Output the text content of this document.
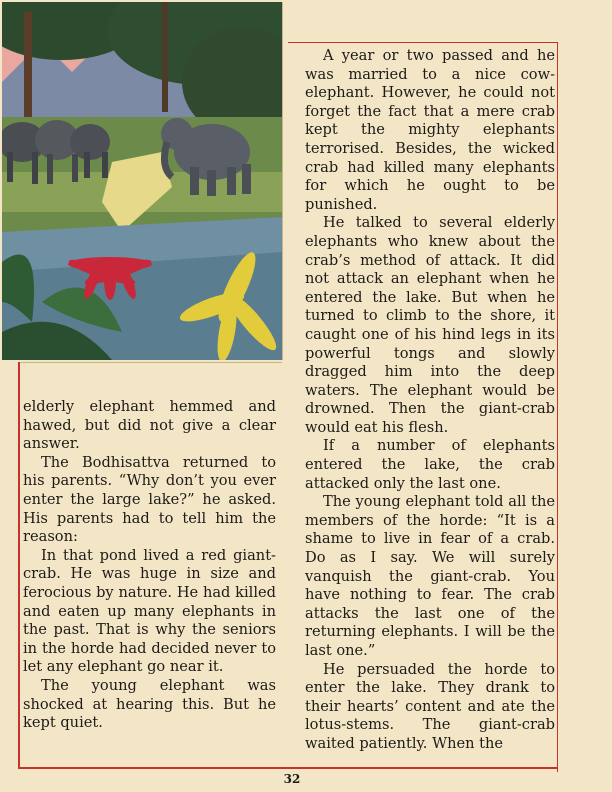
elderly elephant hemmed and hawed, but did not give a clear answer.

The Bodhisattva returned to his parents. “Why don’t you ever enter the large lake?” he asked. His parents had to tell him the reason:

In that pond lived a red giant-crab. He was huge in size and ferocious by nature. He had killed and eaten up many elephants in the past. That is why the seniors in the horde had decided never to let any elephant go near it.

The young elephant was shocked at hearing this. But he kept quiet.

A year or two passed and he was married to a nice cow-elephant. However, he could not forget the fact that a mere crab kept the mighty elephants terrorised. Besides, the wicked crab had killed many elephants for which he ought to be punished.

He talked to several elderly elephants who knew about the crab’s method of attack. It did not attack an elephant when he entered the lake. But when he turned to climb to the shore, it caught one of his hind legs in its powerful tongs and slowly dragged him into the deep waters. The elephant would be drowned. Then the giant-crab would eat his flesh.

If a number of elephants entered the lake, the crab attacked only the last one.

The young elephant told all the members of the horde: “It is a shame to live in fear of a crab. Do as I say. We will surely vanquish the giant-crab. You have nothing to fear. The crab attacks the last one of the returning elephants. I will be the last one.”

He persuaded the horde to enter the lake. They drank to their hearts’ content and ate the lotus-stems. The giant-crab waited patiently. When the

32
